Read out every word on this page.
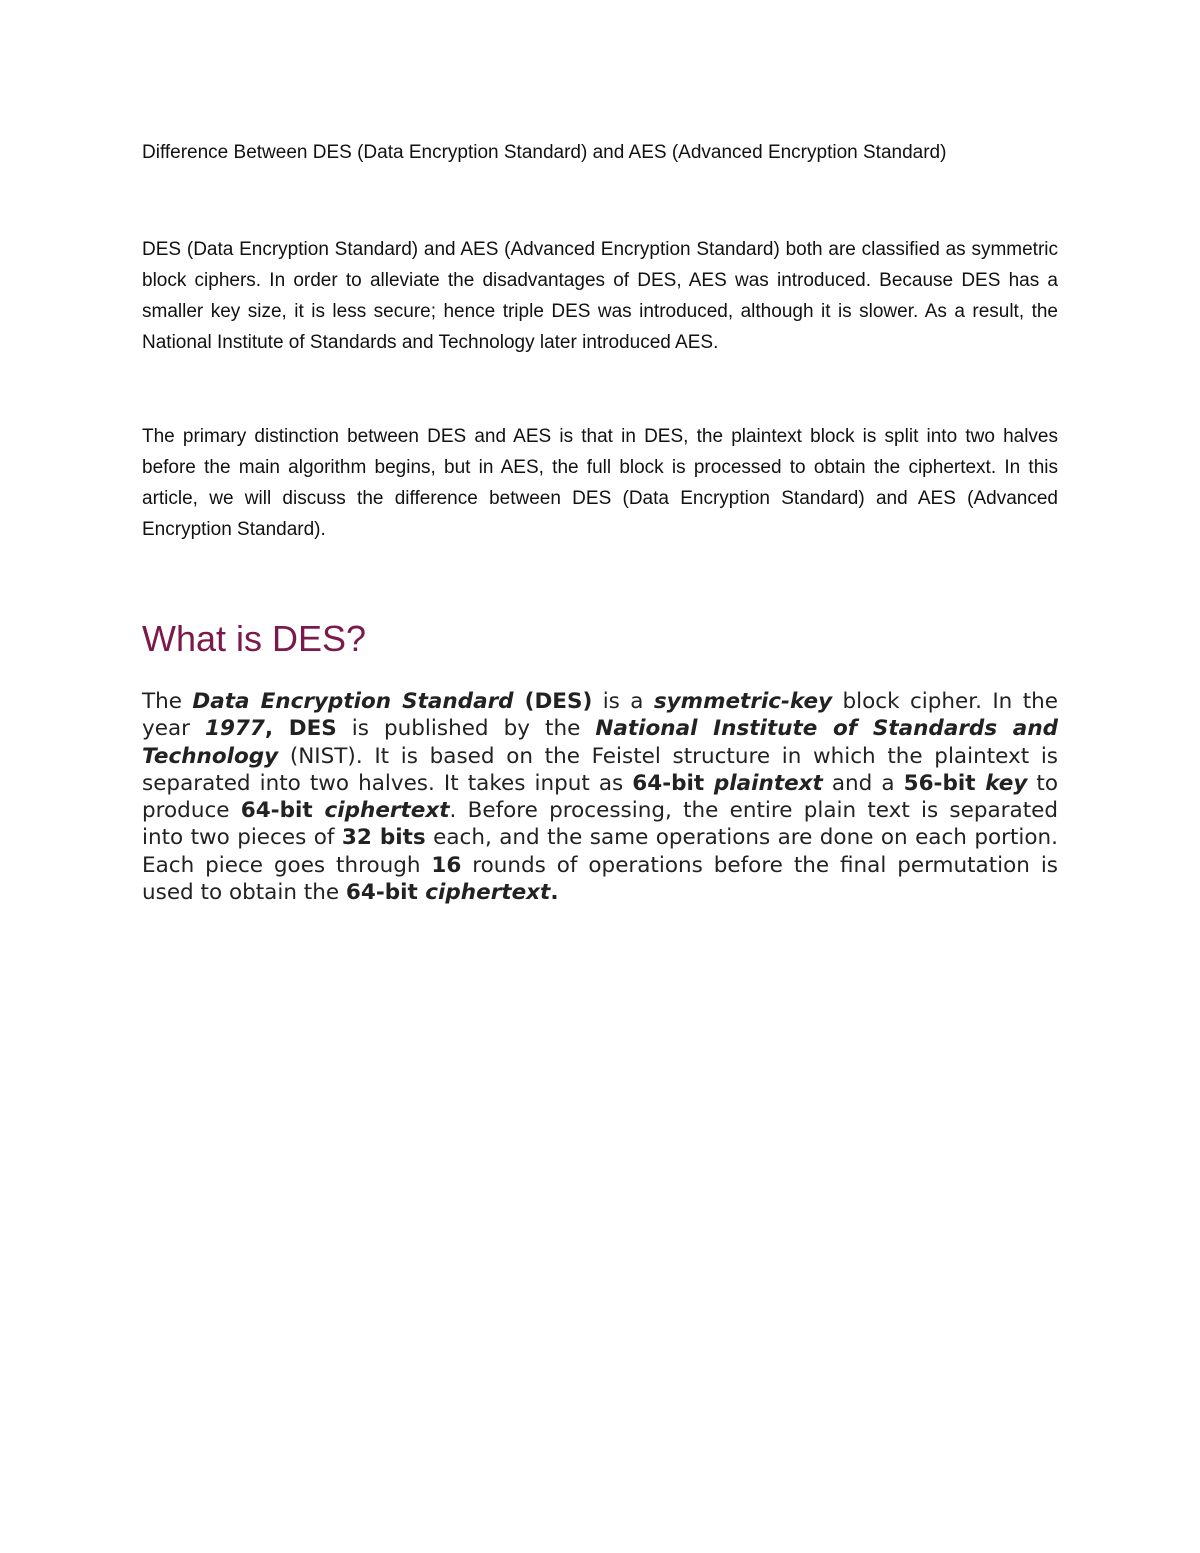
Difference Between DES (Data Encryption Standard) and AES (Advanced Encryption Standard)

DES (Data Encryption Standard) and AES (Advanced Encryption Standard) both are classified as symmetric block ciphers. In order to alleviate the disadvantages of DES, AES was introduced. Because DES has a smaller key size, it is less secure; hence triple DES was introduced, although it is slower. As a result, the National Institute of Standards and Technology later introduced AES.

The primary distinction between DES and AES is that in DES, the plaintext block is split into two halves before the main algorithm begins, but in AES, the full block is processed to obtain the ciphertext. In this article, we will discuss the difference between DES (Data Encryption Standard) and AES (Advanced Encryption Standard).

What is DES?

The Data Encryption Standard (DES) is a symmetric-key block cipher. In the year 1977, DES is published by the National Institute of Standards and Technology (NIST). It is based on the Feistel structure in which the plaintext is separated into two halves. It takes input as 64-bit plaintext and a 56-bit key to produce 64-bit ciphertext. Before processing, the entire plain text is separated into two pieces of 32 bits each, and the same operations are done on each portion. Each piece goes through 16 rounds of operations before the final permutation is used to obtain the 64-bit ciphertext.
